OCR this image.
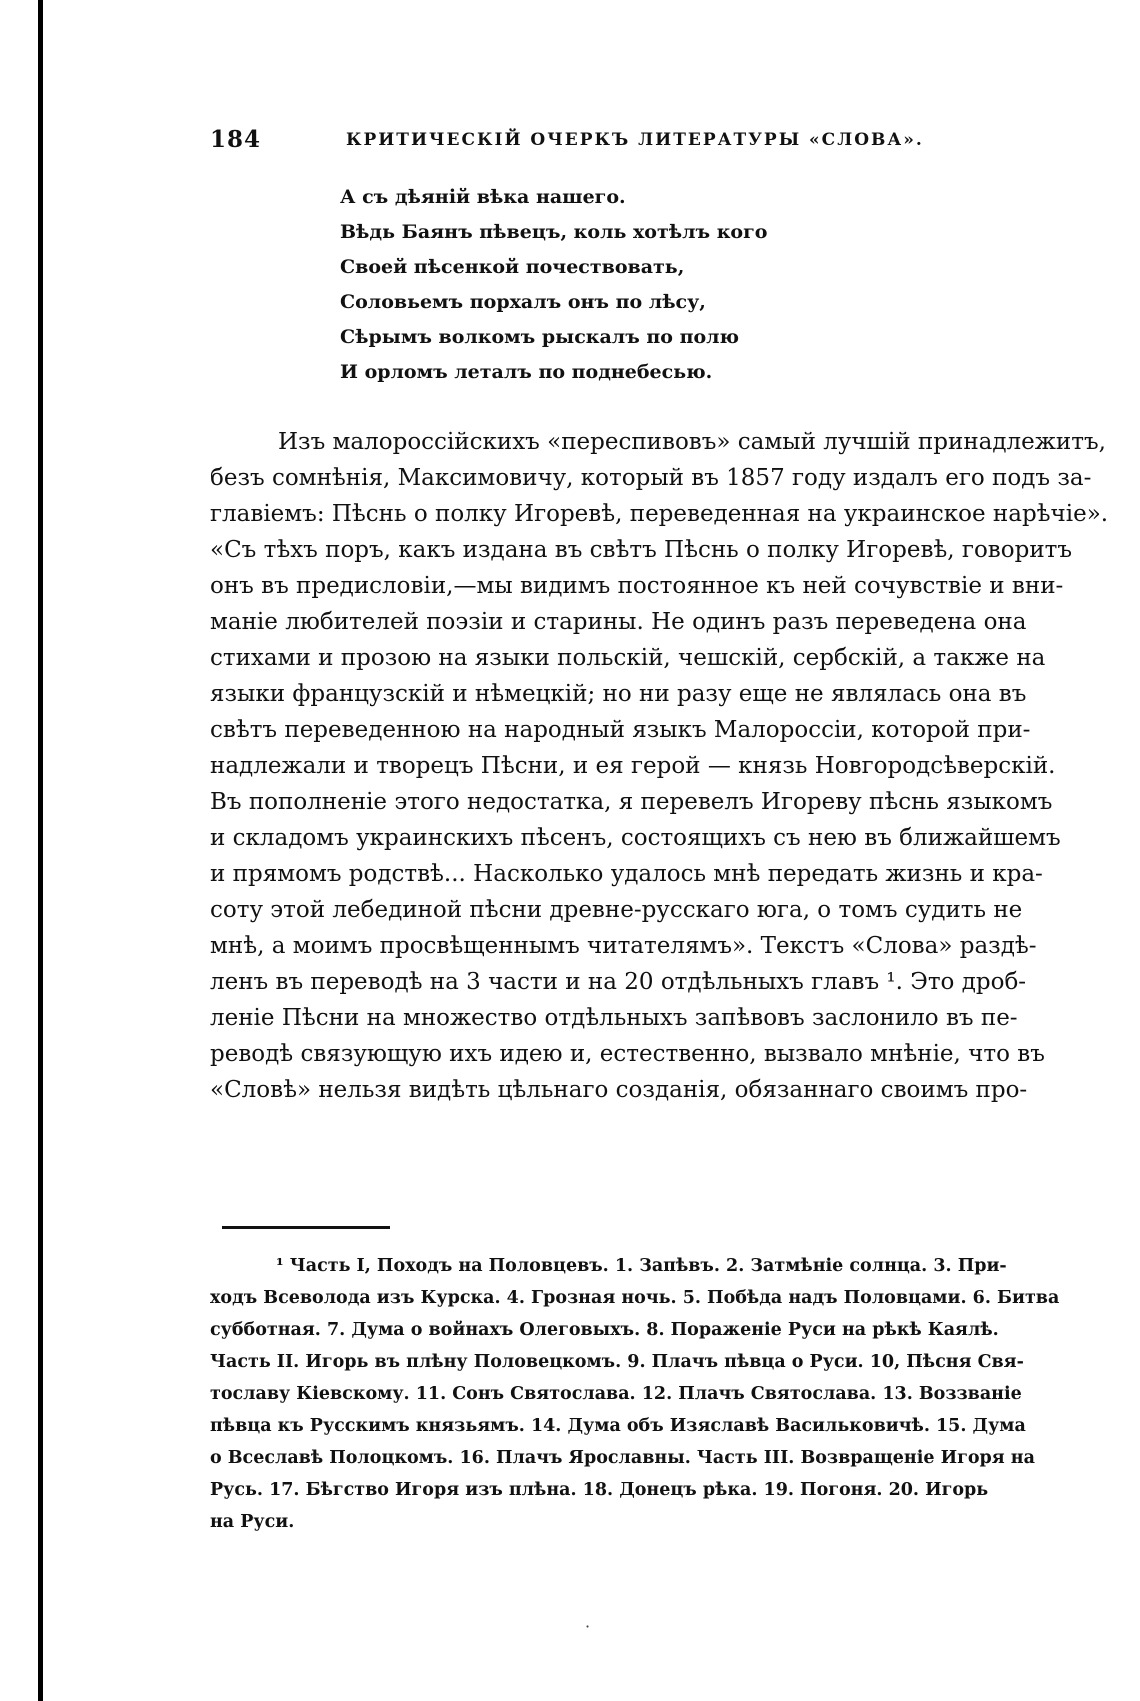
184	КРИТИЧЕСКІЙ ОЧЕРКЪ ЛИТЕРАТУРЫ «СЛОВА».
А съ дѣяній вѣка нашего.
Вѣдь Баянъ пѣвецъ, коль хотѣлъ кого
Своей пѣсенкой почествовать,
Соловьемъ порхалъ онъ по лѣсу,
Сѣрымъ волкомъ рыскалъ по полю
И орломъ леталъ по поднебесью.
Изъ малороссійскихъ «переспивовъ» самый лучшій принадлежитъ,
безъ сомнѣнія, Максимовичу, который въ 1857 году издалъ его подъ за-
главіемъ: Пѣснь о полку Игоревѣ, переведенная на украинское нарѣчіе».
«Съ тѣхъ поръ, какъ издана въ свѣтъ Пѣснь о полку Игоревѣ, говоритъ
онъ въ предисловіи,—мы видимъ постоянное къ ней сочувствіе и вни-
маніе любителей поэзіи и старины. Не одинъ разъ переведена она
стихами и прозою на языки польскій, чешскій, сербскій, а также на
языки французскій и нѣмецкій; но ни разу еще не являлась она въ
свѣтъ переведенною на народный языкъ Малороссіи, которой при-
надлежали и творецъ Пѣсни, и ея герой — князь Новгородсѣверскій.
Въ пополненіе этого недостатка, я перевелъ Игореву пѣснь языкомъ
и складомъ украинскихъ пѣсенъ, состоящихъ съ нею въ ближайшемъ
и прямомъ родствѣ... Насколько удалось мнѣ передать жизнь и кра-
соту этой лебединой пѣсни древне-русскаго юга, о томъ судить не
мнѣ, а моимъ просвѣщеннымъ читателямъ». Текстъ «Слова» раздѣ-
ленъ въ переводѣ на 3 части и на 20 отдѣльныхъ главъ ¹. Это дроб-
леніе Пѣсни на множество отдѣльныхъ запѣвовъ заслонило въ пе-
реводѣ связующую ихъ идею и, естественно, вызвало мнѣніе, что въ
«Словѣ» нельзя видѣть цѣльнаго созданія, обязаннаго своимъ про-
¹ Часть I, Походъ на Половцевъ. 1. Запѣвъ. 2. Затмѣніе солнца. 3. При-
ходъ Всеволода изъ Курска. 4. Грозная ночь. 5. Побѣда надъ Половцами. 6. Битва
субботная. 7. Дума о войнахъ Олеговыхъ. 8. Пораженіе Руси на рѣкѣ Каялѣ.
Часть II. Игорь въ плѣну Половецкомъ. 9. Плачъ пѣвца о Руси. 10, Пѣсня Свя-
тославу Кіевскому. 11. Сонъ Святослава. 12. Плачъ Святослава. 13. Воззваніе
пѣвца къ Русскимъ князьямъ. 14. Дума объ Изяславѣ Васильковичѣ. 15. Дума
о Всеславѣ Полоцкомъ. 16. Плачъ Ярославны. Часть III. Возвращеніе Игоря на
Русь. 17. Бѣгство Игоря изъ плѣна. 18. Донецъ рѣка. 19. Погоня. 20. Игорь
на Руси.
·
